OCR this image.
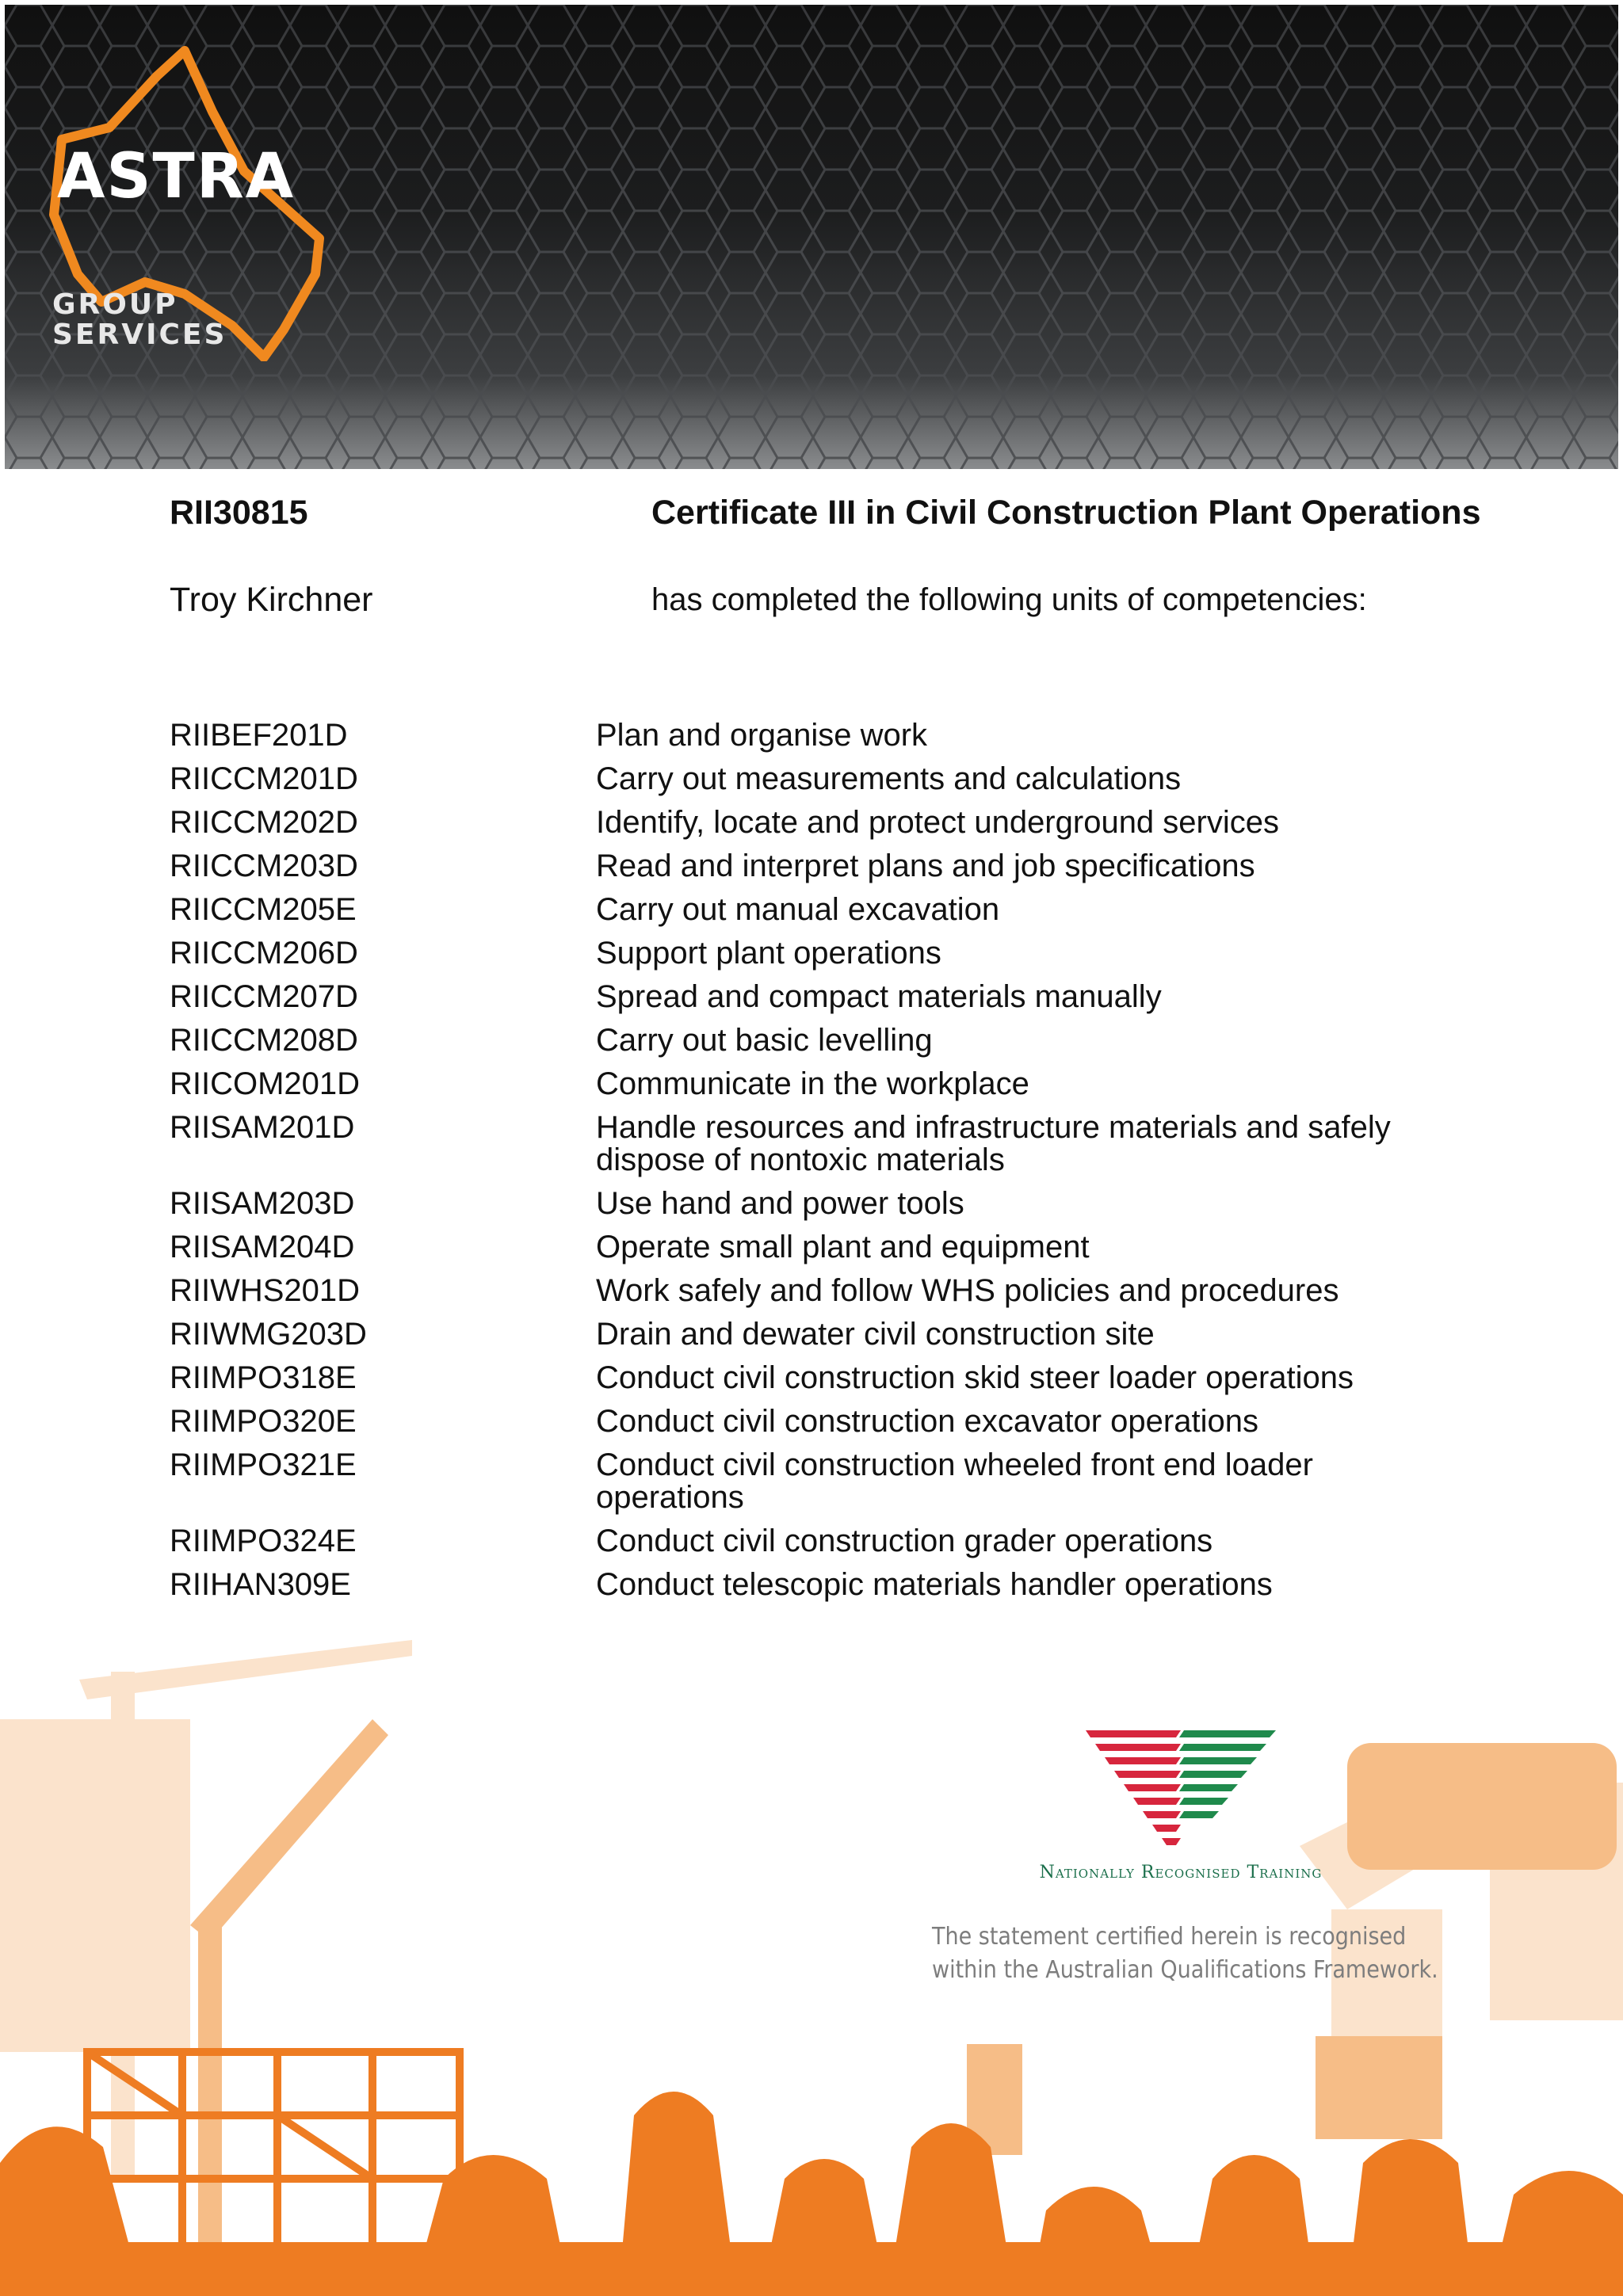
ASTRA
GROUP
SERVICES
RII30815	Certificate III in Civil Construction Plant Operations
Troy Kirchner	has completed the following units of competencies:
RIIBEF201D	Plan and organise work
RIICCM201D	Carry out measurements and calculations
RIICCM202D	Identify, locate and protect underground services
RIICCM203D	Read and interpret plans and job specifications
RIICCM205E	Carry out manual excavation
RIICCM206D	Support plant operations
RIICCM207D	Spread and compact materials manually
RIICCM208D	Carry out basic levelling
RIICOM201D	Communicate in the workplace
RIISAM201D	Handle resources and infrastructure materials and safely dispose of nontoxic materials
RIISAM203D	Use hand and power tools
RIISAM204D	Operate small plant and equipment
RIIWHS201D	Work safely and follow WHS policies and procedures
RIIWMG203D	Drain and dewater civil construction site
RIIMPO318E	Conduct civil construction skid steer loader operations
RIIMPO320E	Conduct civil construction excavator operations
RIIMPO321E	Conduct civil construction wheeled front end loader operations
RIIMPO324E	Conduct civil construction grader operations
RIIHAN309E	Conduct telescopic materials handler operations
Nationally Recognised Training
The statement certified herein is recognised within the Australian Qualifications Framework.
